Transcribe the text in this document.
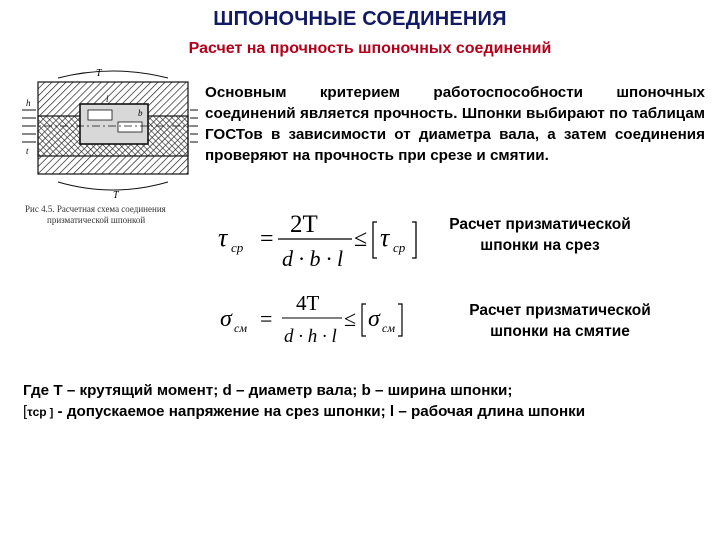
ШПОНОЧНЫЕ СОЕДИНЕНИЯ
Расчет на прочность шпоночных соединений
T
T
h
t
l
b
Рис 4.5. Расчетная схема соединения
призматической шпонкой
Основным критерием работоспособности шпоночных соединений является прочность. Шпонки выбирают по таблицам ГОСТов в зависимости от диаметра вала, а затем соединения проверяют на прочность при срезе и смятии.
τ ср =
2T
d · b · l
≤ τ ср
Расчет призматической
шпонки на срез
σ см =
4T
d · h · l
≤ σ см
Расчет призматической
шпонки на смятие
Где Т – крутящий момент; d – диаметр вала; b – ширина шпонки;
[τср ] - допускаемое напряжение на срез шпонки; l – рабочая длина шпонки
